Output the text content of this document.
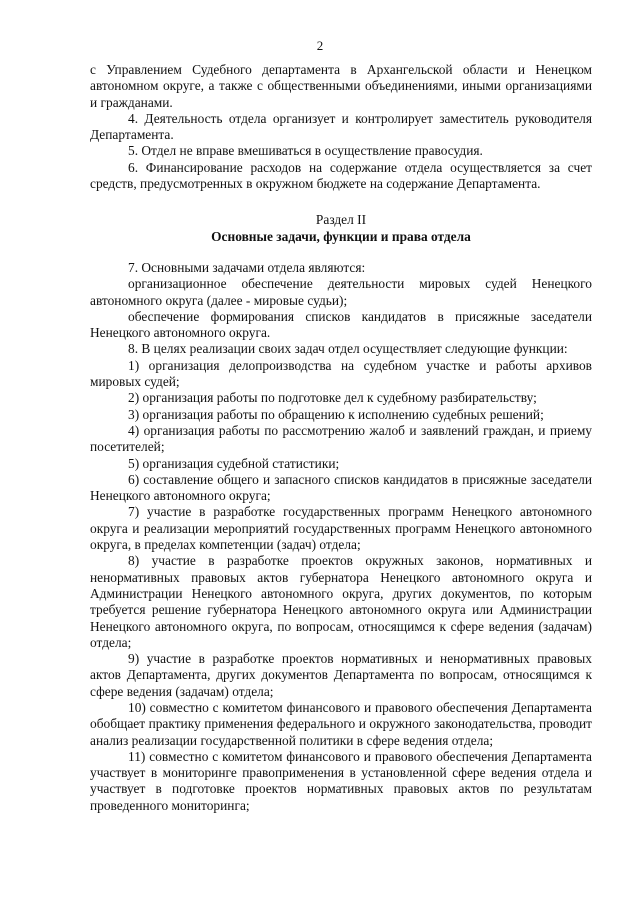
2

с Управлением Судебного департамента в Архангельской области и Ненецком автономном округе, а также с общественными объединениями, иными организациями и гражданами.

4. Деятельность отдела организует и контролирует заместитель руководителя Департамента.

5. Отдел не вправе вмешиваться в осуществление правосудия.

6. Финансирование расходов на содержание отдела осуществляется за счет средств, предусмотренных в окружном бюджете на содержание Департамента.

Раздел II

Основные задачи, функции и права отдела

7. Основными задачами отдела являются:

организационное обеспечение деятельности мировых судей Ненецкого автономного округа (далее - мировые судьи);

обеспечение формирования списков кандидатов в присяжные заседатели Ненецкого автономного округа.

8. В целях реализации своих задач отдел осуществляет следующие функции:

1) организация делопроизводства на судебном участке и работы архивов мировых судей;

2) организация работы по подготовке дел к судебному разбирательству;

3) организация работы по обращению к исполнению судебных решений;

4) организация работы по рассмотрению жалоб и заявлений граждан, и приему посетителей;

5) организация судебной статистики;

6) составление общего и запасного списков кандидатов в присяжные заседатели Ненецкого автономного округа;

7) участие в разработке государственных программ Ненецкого автономного округа и реализации мероприятий государственных программ Ненецкого автономного округа, в пределах компетенции (задач) отдела;

8) участие в разработке проектов окружных законов, нормативных и ненормативных правовых актов губернатора Ненецкого автономного округа и Администрации Ненецкого автономного округа, других документов, по которым требуется решение губернатора Ненецкого автономного округа или Администрации Ненецкого автономного округа, по вопросам, относящимся к сфере ведения (задачам) отдела;

9) участие в разработке проектов нормативных и ненормативных правовых актов Департамента, других документов Департамента по вопросам, относящимся к сфере ведения (задачам) отдела;

10) совместно с комитетом финансового и правового обеспечения Департамента обобщает практику применения федерального и окружного законодательства, проводит анализ реализации государственной политики в сфере ведения отдела;

11) совместно с комитетом финансового и правового обеспечения Департамента участвует в мониторинге правоприменения в установленной сфере ведения отдела и участвует в подготовке проектов нормативных правовых актов по результатам проведенного мониторинга;
